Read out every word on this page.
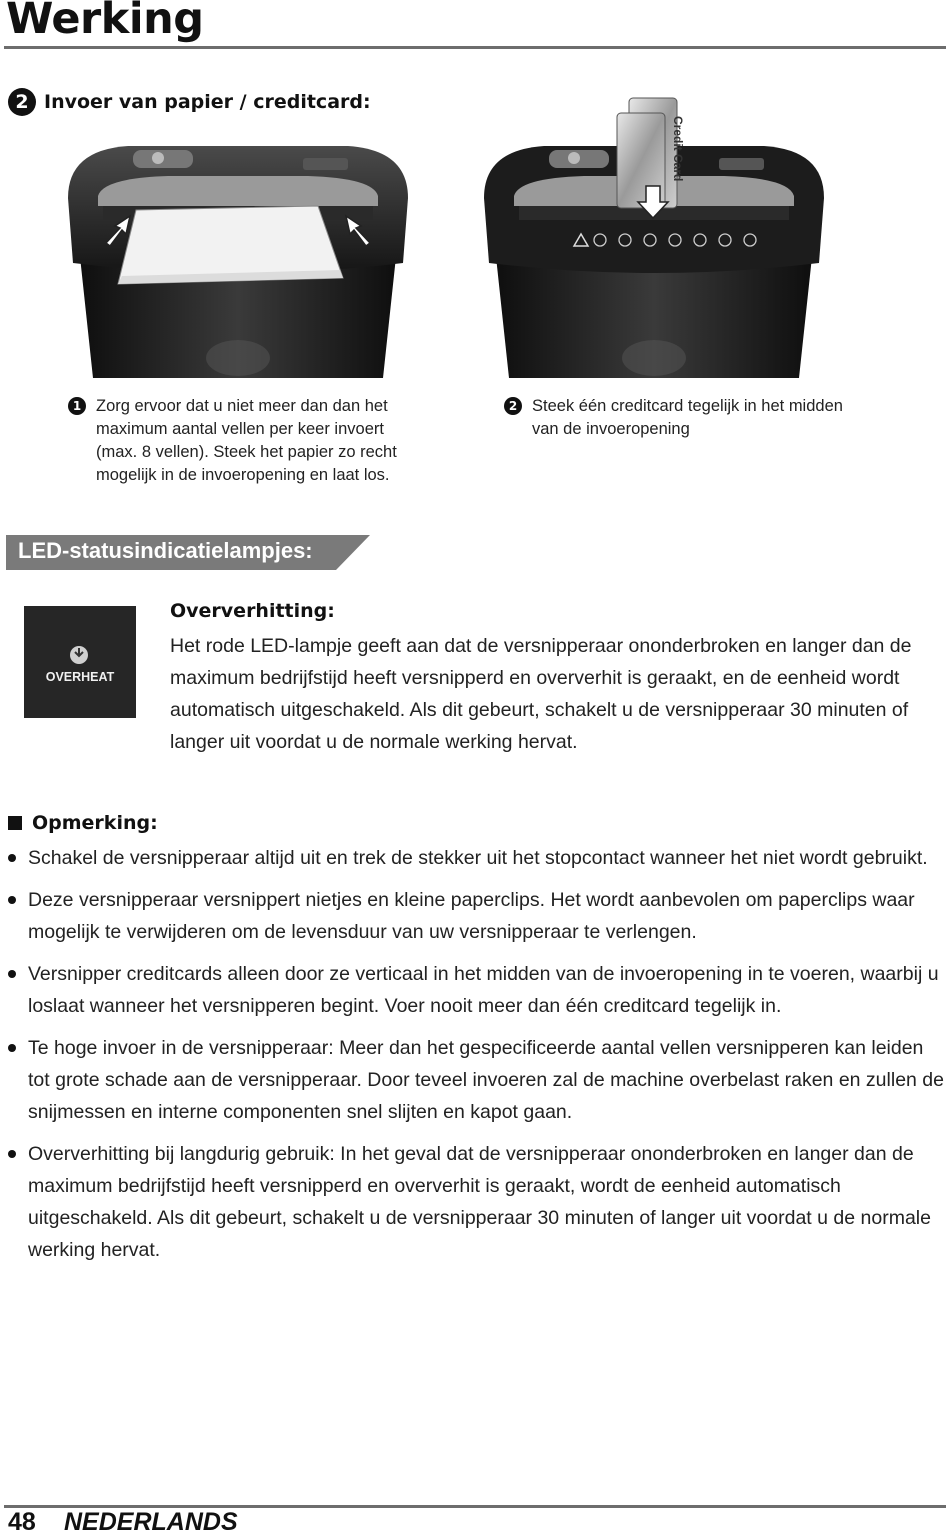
Werking
2 Invoer van papier / creditcard:
Credit Card
1 Zorg ervoor dat u niet meer dan dan het maximum aantal vellen per keer invoert (max. 8 vellen). Steek het papier zo recht mogelijk in de invoeropening en laat los.
2 Steek één creditcard tegelijk in het midden van de invoeropening
LED-statusindicatielampjes:
OVERHEAT
Oververhitting:
Het rode LED-lampje geeft aan dat de versnipperaar ononderbroken en langer dan de maximum bedrijfstijd heeft versnipperd en oververhit is geraakt, en de eenheid wordt automatisch uitgeschakeld. Als dit gebeurt, schakelt u de versnipperaar 30 minuten of langer uit voordat u de normale werking hervat.
Opmerking:
Schakel de versnipperaar altijd uit en trek de stekker uit het stopcontact wanneer het niet wordt gebruikt.
Deze versnipperaar versnippert nietjes en kleine paperclips. Het wordt aanbevolen om paperclips waar mogelijk te verwijderen om de levensduur van uw versnipperaar te verlengen.
Versnipper creditcards alleen door ze verticaal in het midden van de invoeropening in te voeren, waarbij u loslaat wanneer het versnipperen begint. Voer nooit meer dan één creditcard tegelijk in.
Te hoge invoer in de versnipperaar: Meer dan het gespecificeerde aantal vellen versnipperen kan leiden tot grote schade aan de versnipperaar. Door teveel invoeren zal de machine overbelast raken en zullen de snijmessen en interne componenten snel slijten en kapot gaan.
Oververhitting bij langdurig gebruik: In het geval dat de versnipperaar ononderbroken en langer dan de maximum bedrijfstijd heeft versnipperd en oververhit is geraakt, wordt de eenheid automatisch uitgeschakeld. Als dit gebeurt, schakelt u de versnipperaar 30 minuten of langer uit voordat u de normale werking hervat.
48 NEDERLANDS
